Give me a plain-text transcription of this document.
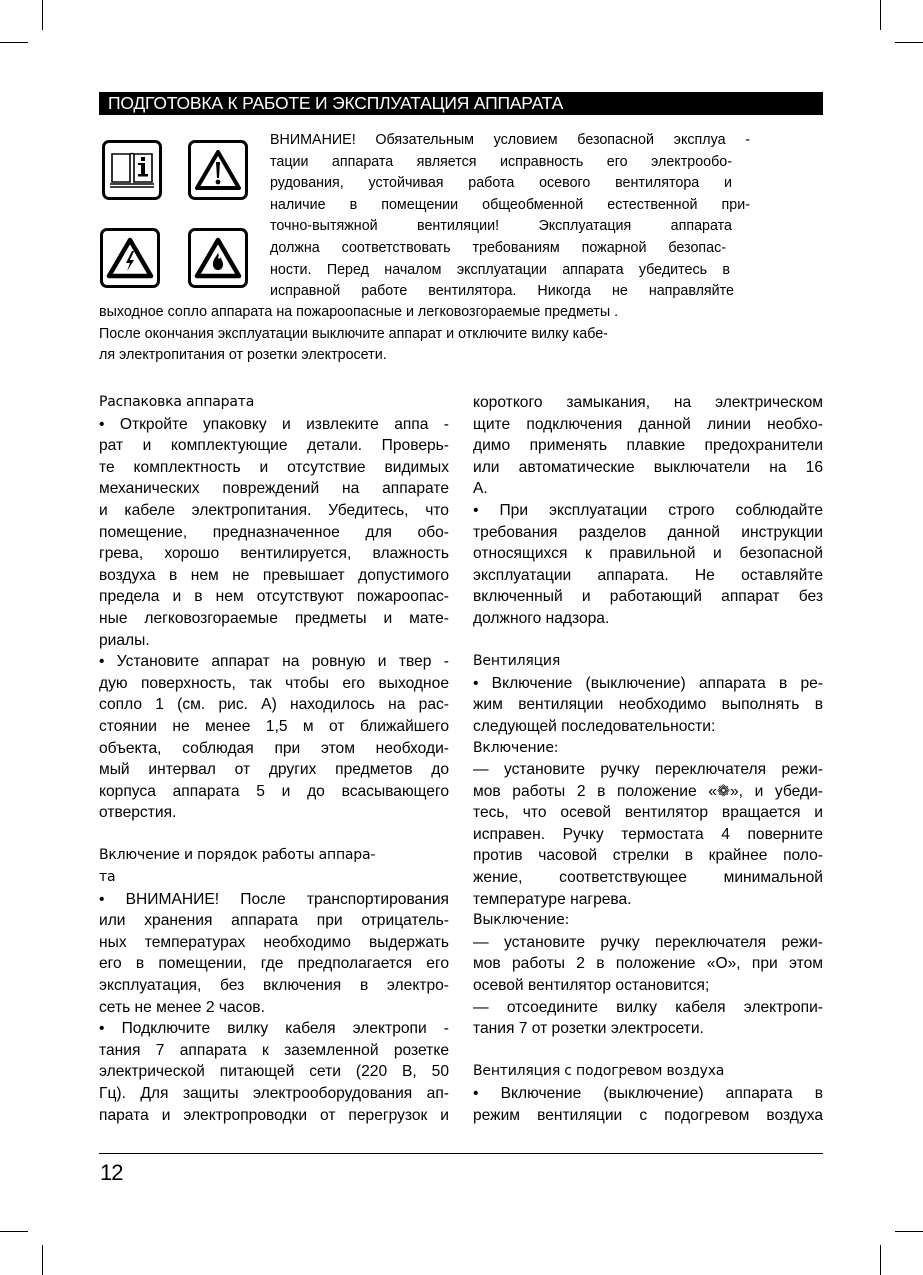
ПОДГОТОВКА К РАБОТЕ И ЭКСПЛУАТАЦИЯ АППАРАТА
ВНИМАНИЕ! Обязательным условием безопасной эксплуа -
тации аппарата является исправность его электрообо-
рудования, устойчивая работа осевого вентилятора и
наличие в помещении общеобменной естественной при-
точно-вытяжной вентиляции! Эксплуатация аппарата
должна соответствовать требованиям пожарной безопас-
ности. Перед началом эксплуатации аппарата убедитесь в
исправной работе вентилятора. Никогда не направляйте
выходное сопло аппарата на пожароопасные и легковозгораемые предметы .
После окончания эксплуатации выключите аппарат и отключите вилку кабе-
ля электропитания от розетки электросети.
Распаковка аппарата
• Откройте упаковку и извлеките аппа -
рат и комплектующие детали. Проверь-
те комплектность и отсутствие видимых
механических повреждений на аппарате
и кабеле электропитания. Убедитесь, что
помещение, предназначенное для обо-
грева, хорошо вентилируется, влажность
воздуха в нем не превышает допустимого
предела и в нем отсутствуют пожароопас-
ные легковозгораемые предметы и мате-
риалы.
• Установите аппарат на ровную и твер -
дую поверхность, так чтобы его выходное
сопло 1 (см. рис. А) находилось на рас-
стоянии не менее 1,5 м от ближайшего
объекта, соблюдая при этом необходи-
мый интервал от других предметов до
корпуса аппарата 5 и до всасывающего
отверстия.
Включение и порядок работы аппара-
та
• ВНИМАНИЕ! После транспортирования
или хранения аппарата при отрицатель-
ных температурах необходимо выдержать
его в помещении, где предполагается его
эксплуатация, без включения в электро-
сеть не менее 2 часов.
• Подключите вилку кабеля электропи -
тания 7 аппарата к заземленной розетке
электрической питающей сети (220 В, 50
Гц). Для защиты электрооборудования ап-
парата и электропроводки от перегрузок и
короткого замыкания, на электрическом
щите подключения данной линии необхо-
димо применять плавкие предохранители
или автоматические выключатели на 16
А.
• При эксплуатации строго соблюдайте
требования разделов данной инструкции
относящихся к правильной и безопасной
эксплуатации аппарата. Не оставляйте
включенный и работающий аппарат без
должного надзора.
Вентиляция
• Включение (выключение) аппарата в ре-
жим вентиляции необходимо выполнять в
следующей последовательности:
Включение:
— установите ручку переключателя режи-
мов работы 2 в положение «❁», и убеди-
тесь, что осевой вентилятор вращается и
исправен. Ручку термостата 4 поверните
против часовой стрелки в крайнее поло-
жение, соответствующее минимальной
температуре нагрева.
Выключение:
— установите ручку переключателя режи-
мов работы 2 в положение «О», при этом
осевой вентилятор остановится;
— отсоедините вилку кабеля электропи-
тания 7 от розетки электросети.
Вентиляция с подогревом воздуха
• Включение (выключение) аппарата в
режим вентиляции с подогревом воздуха
12
